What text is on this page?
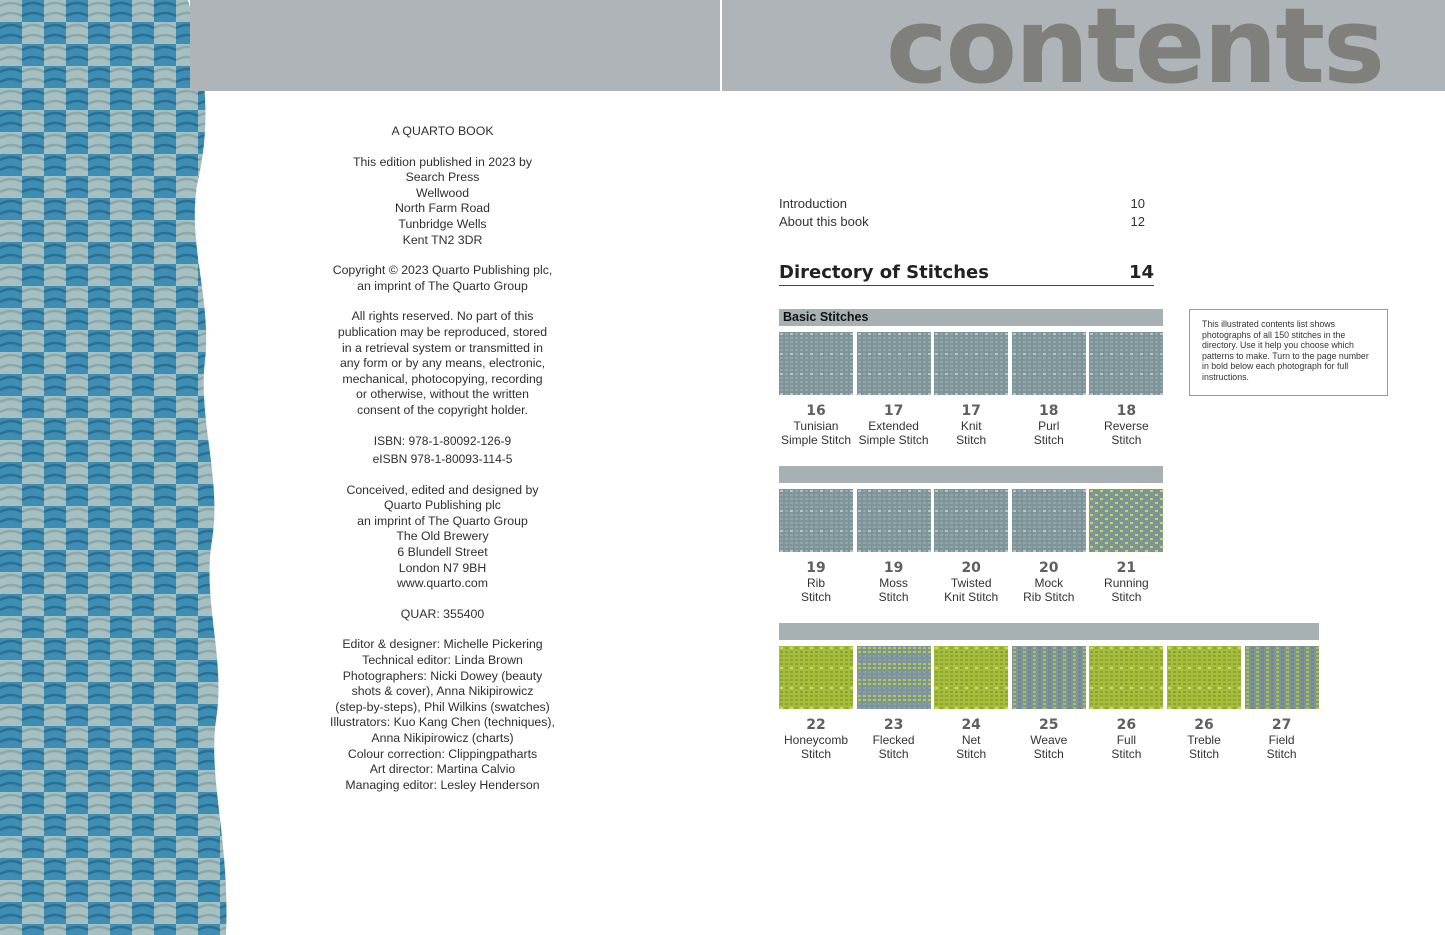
contents

A QUARTO BOOK

This edition published in 2023 by
Search Press
Wellwood
North Farm Road
Tunbridge Wells
Kent TN2 3DR

Copyright © 2023 Quarto Publishing plc,
an imprint of The Quarto Group

All rights reserved. No part of this
publication may be reproduced, stored
in a retrieval system or transmitted in
any form or by any means, electronic,
mechanical, photocopying, recording
or otherwise, without the written
consent of the copyright holder.

ISBN: 978-1-80092-126-9

eISBN 978-1-80093-114-5

Conceived, edited and designed by
Quarto Publishing plc
an imprint of The Quarto Group
The Old Brewery
6 Blundell Street
London N7 9BH
www.quarto.com

QUAR: 355400

Editor & designer: Michelle Pickering
Technical editor: Linda Brown
Photographers: Nicki Dowey (beauty
shots & cover), Anna Nikipirowicz
(step-by-steps), Phil Wilkins (swatches)
Illustrators: Kuo Kang Chen (techniques),
Anna Nikipirowicz (charts)
Colour correction: Clippingpatharts
Art director: Martina Calvio
Managing editor: Lesley Henderson

Introduction	10
About this book	12
Directory of Stitches	14
Basic Stitches	This illustrated contents list shows photographs of all 150 stitches in the directory. Use it help you choose which patterns to make. Turn to the page number in bold below each photograph for full instructions.
16
Tunisian
Simple Stitch
17
Extended
Simple Stitch
17
Knit
Stitch
18
Purl
Stitch
18
Reverse
Stitch
19
Rib
Stitch
19
Moss
Stitch
20
Twisted
Knit Stitch
20
Mock
Rib Stitch
21
Running
Stitch
22
Honeycomb
Stitch
23
Flecked
Stitch
24
Net
Stitch
25
Weave
Stitch
26
Full
Stitch
26
Treble
Stitch
27
Field
Stitch
